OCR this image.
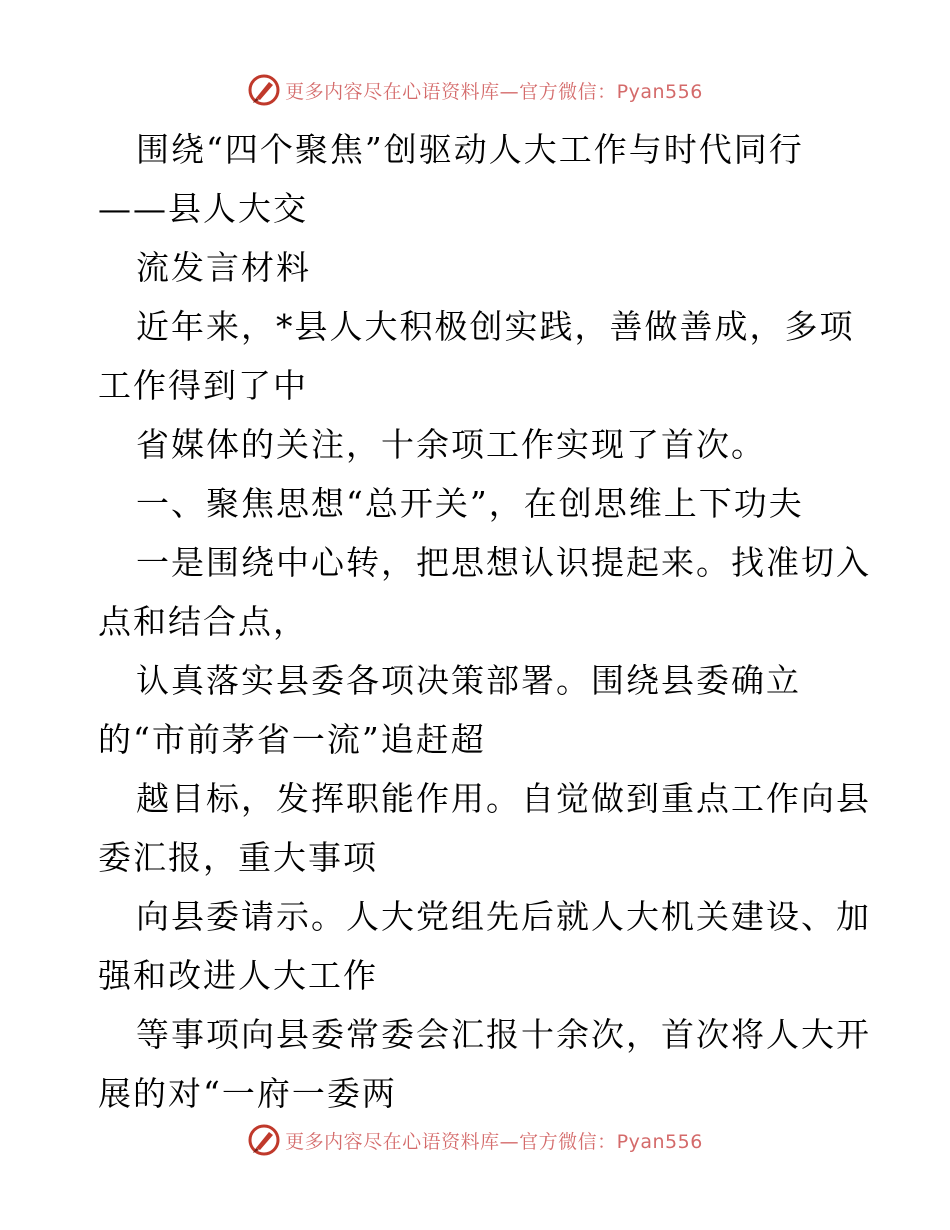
更多内容尽在心语资料库—官方微信：Pyan556
围绕“四个聚焦”创驱动人大工作与时代同行
——县人大交
流发言材料
近年来，*县人大积极创实践，善做善成，多项
工作得到了中
省媒体的关注，十余项工作实现了首次。
一、聚焦思想“总开关”，在创思维上下功夫
一是围绕中心转，把思想认识提起来。找准切入
点和结合点，
认真落实县委各项决策部署。围绕县委确立
的“市前茅省一流”追赶超
越目标，发挥职能作用。自觉做到重点工作向县
委汇报，重大事项
向县委请示。人大党组先后就人大机关建设、加
强和改进人大工作
等事项向县委常委会汇报十余次，首次将人大开
展的对“一府一委两
更多内容尽在心语资料库—官方微信：Pyan556
